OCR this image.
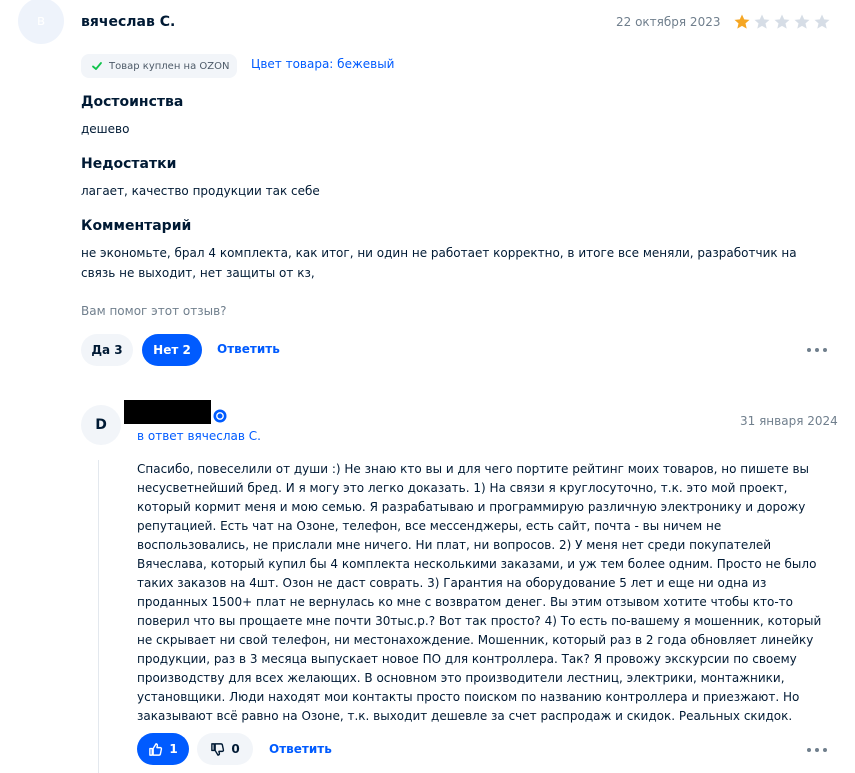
в	вячеслав С.	22 октября 2023
Товар куплен на OZON Цвет товара: бежевый
Достоинства
дешево
Недостатки
лагает, качество продукции так себе
Комментарий
не экономьте, брал 4 комплекта, как итог, ни один не работает корректно, в итоге все меняли, разработчик на связь не выходит, нет защиты от кз,
Вам помог этот отзыв?
Да 3	Нет 2	Ответить
D
в ответ вячеслав С.
31 января 2024
Спасибо, повеселили от души :) Не знаю кто вы и для чего портите рейтинг моих товаров, но пишете вы несусветнейший бред. И я могу это легко доказать. 1) На связи я круглосуточно, т.к. это мой проект, который кормит меня и мою семью. Я разрабатываю и программирую различную электронику и дорожу репутацией. Есть чат на Озоне, телефон, все мессенджеры, есть сайт, почта - вы ничем не воспользовались, не прислали мне ничего. Ни плат, ни вопросов. 2) У меня нет среди покупателей Вячеслава, который купил бы 4 комплекта несколькими заказами, и уж тем более одним. Просто не было таких заказов на 4шт. Озон не даст соврать. 3) Гарантия на оборудование 5 лет и еще ни одна из проданных 1500+ плат не вернулась ко мне с возвратом денег. Вы этим отзывом хотите чтобы кто-то поверил что вы прощаете мне почти 30тыс.р.? Вот так просто? 4) То есть по-вашему я мошенник, который не скрывает ни свой телефон, ни местонахождение. Мошенник, который раз в 2 года обновляет линейку продукции, раз в 3 месяца выпускает новое ПО для контроллера. Так? Я провожу экскурсии по своему производству для всех желающих. В основном это производители лестниц, электрики, монтажники, установщики. Люди находят мои контакты просто поиском по названию контроллера и приезжают. Но заказывают всё равно на Озоне, т.к. выходит дешевле за счет распродаж и скидок. Реальных скидок.
1	0 Ответить
